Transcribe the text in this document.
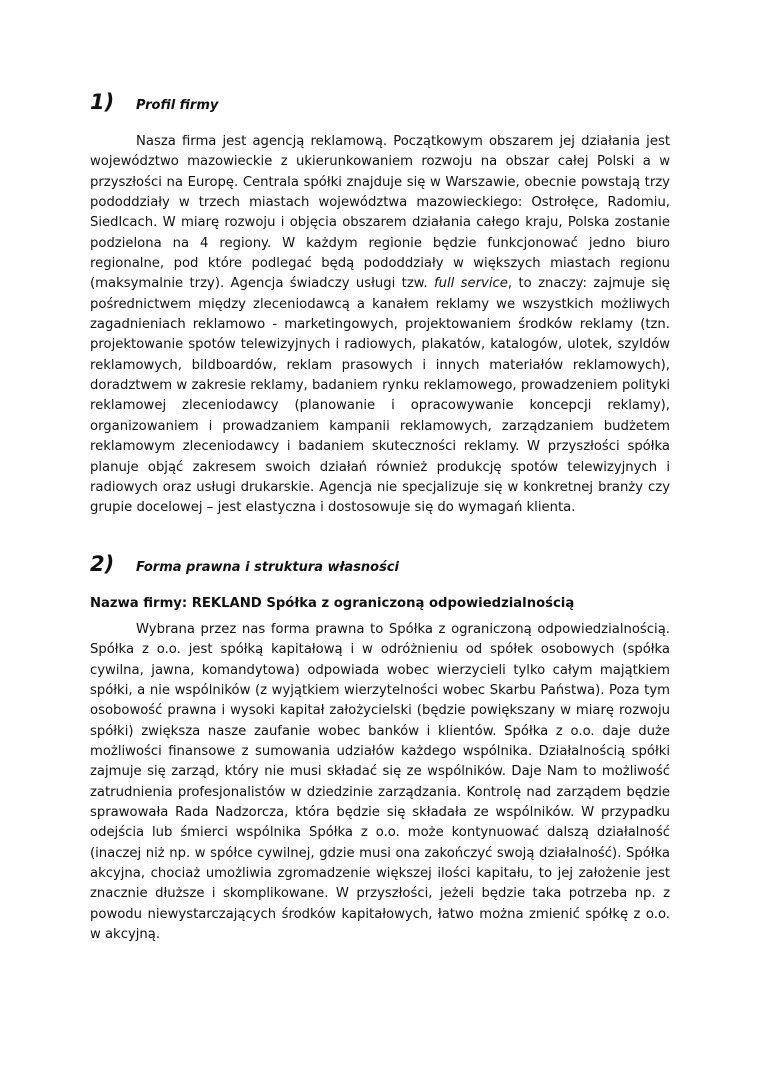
1)	Profil firmy

Nasza firma jest agencją reklamową. Początkowym obszarem jej działania jest województwo mazowieckie z ukierunkowaniem rozwoju na obszar całej Polski a w przyszłości na Europę. Centrala spółki znajduje się w Warszawie, obecnie powstają trzy pododdziały w trzech miastach województwa mazowieckiego: Ostrołęce, Radomiu, Siedlcach. W miarę rozwoju i objęcia obszarem działania całego kraju, Polska zostanie podzielona na 4 regiony. W każdym regionie będzie funkcjonować jedno biuro regionalne, pod które podlegać będą pododdziały w większych miastach regionu (maksymalnie trzy). Agencja świadczy usługi tzw. full service, to znaczy: zajmuje się pośrednictwem między zleceniodawcą a kanałem reklamy we wszystkich możliwych zagadnieniach reklamowo - marketingowych, projektowaniem środków reklamy (tzn. projektowanie spotów telewizyjnych i radiowych, plakatów, katalogów, ulotek, szyldów reklamowych, bildboardów, reklam prasowych i innych materiałów reklamowych), doradztwem w zakresie reklamy, badaniem rynku reklamowego, prowadzeniem polityki reklamowej zleceniodawcy (planowanie i opracowywanie koncepcji reklamy), organizowaniem i prowadzaniem kampanii reklamowych, zarządzaniem budżetem reklamowym zleceniodawcy i badaniem skuteczności reklamy. W przyszłości spółka planuje objąć zakresem swoich działań również produkcję spotów telewizyjnych i radiowych oraz usługi drukarskie. Agencja nie specjalizuje się w konkretnej branży czy grupie docelowej – jest elastyczna i dostosowuje się do wymagań klienta.

2)	Forma prawna i struktura własności

Nazwa firmy: REKLAND Spółka z ograniczoną odpowiedzialnością

Wybrana przez nas forma prawna to Spółka z ograniczoną odpowiedzialnością. Spółka z o.o. jest spółką kapitałową i w odróżnieniu od spółek osobowych (spółka cywilna, jawna, komandytowa) odpowiada wobec wierzycieli tylko całym majątkiem spółki, a nie wspólników (z wyjątkiem wierzytelności wobec Skarbu Państwa). Poza tym osobowość prawna i wysoki kapitał założycielski (będzie powiększany w miarę rozwoju spółki) zwiększa nasze zaufanie wobec banków i klientów. Spółka z o.o. daje duże możliwości finansowe z sumowania udziałów każdego wspólnika. Działalnością spółki zajmuje się zarząd, który nie musi składać się ze wspólników. Daje Nam to możliwość zatrudnienia profesjonalistów w dziedzinie zarządzania. Kontrolę nad zarządem będzie sprawowała Rada Nadzorcza, która będzie się składała ze wspólników. W przypadku odejścia lub śmierci wspólnika Spółka z o.o. może kontynuować dalszą działalność (inaczej niż np. w spółce cywilnej, gdzie musi ona zakończyć swoją działalność). Spółka akcyjna, chociaż umożliwia zgromadzenie większej ilości kapitału, to jej założenie jest znacznie dłuższe i skomplikowane. W przyszłości, jeżeli będzie taka potrzeba np. z powodu niewystarczających środków kapitałowych, łatwo można zmienić spółkę z o.o. w akcyjną.
